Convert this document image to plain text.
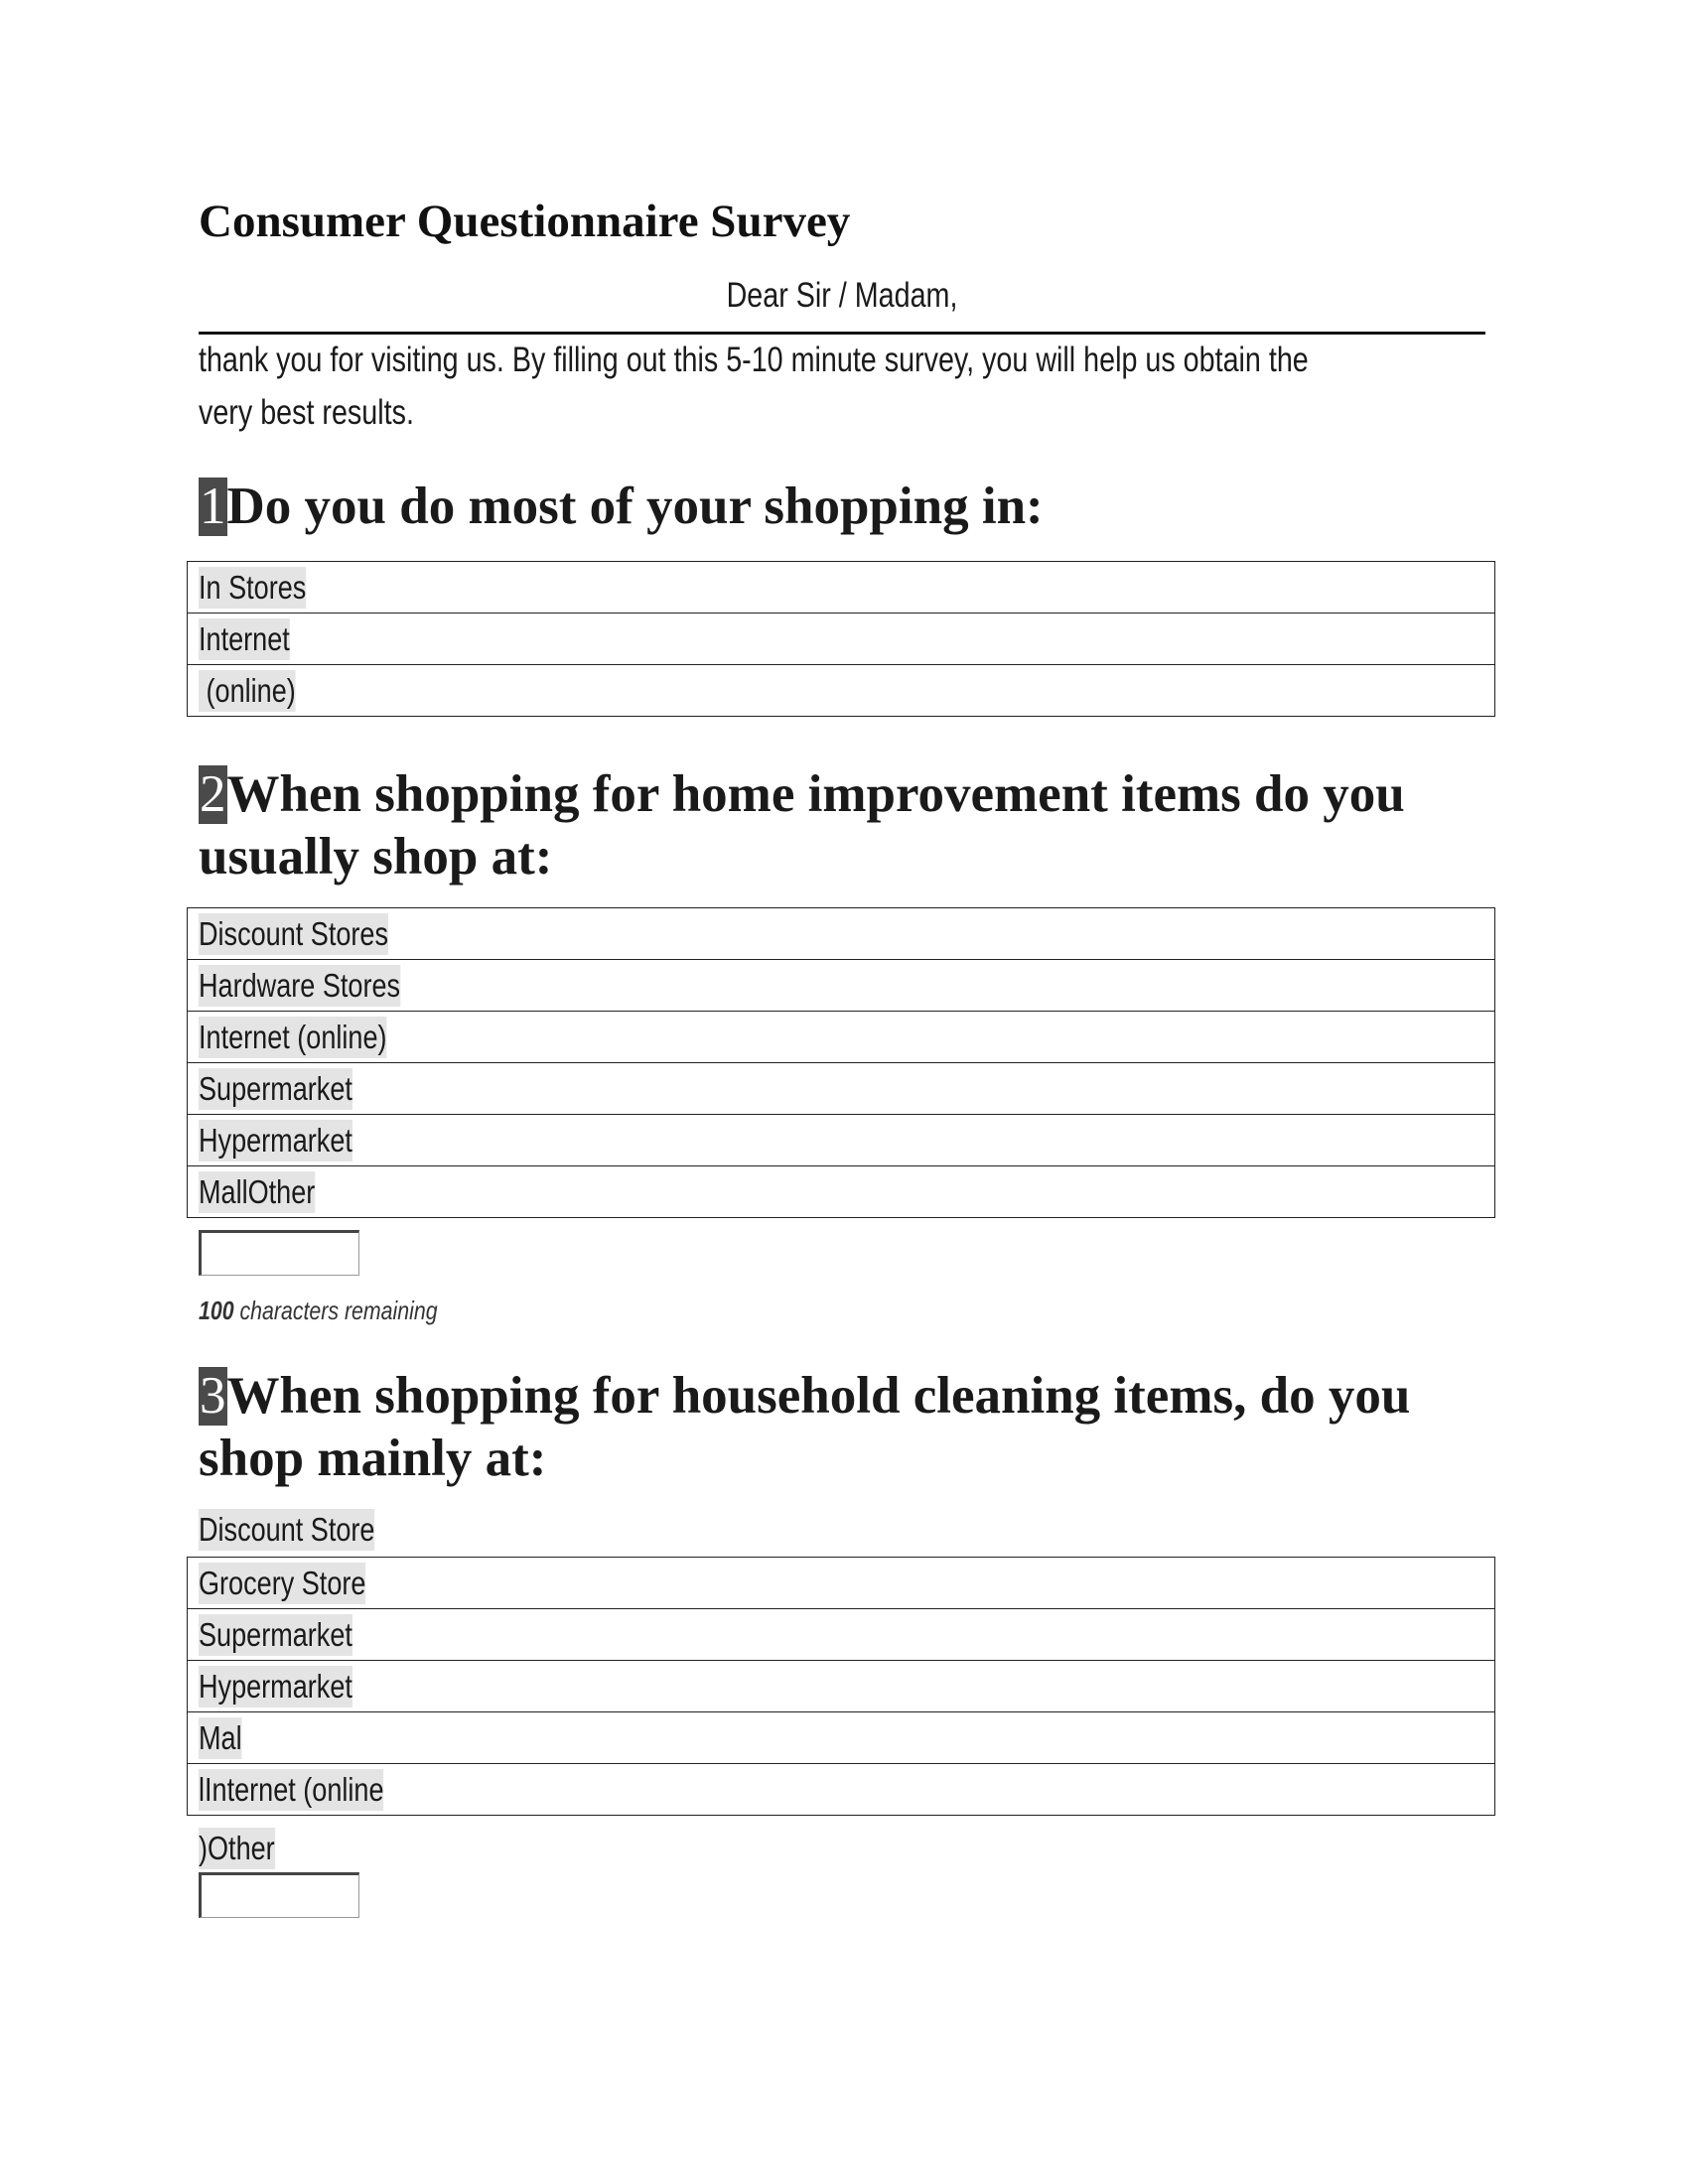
Consumer Questionnaire Survey
Dear Sir / Madam,
thank you for visiting us. By filling out this 5-10 minute survey, you will help us obtain the
very best results.
1Do you do most of your shopping in:
In Stores
Internet
(online)
2When shopping for home improvement items do you usually shop at:
Discount Stores
Hardware Stores
Internet (online)
Supermarket
Hypermarket
MallOther
100 characters remaining
3When shopping for household cleaning items, do you shop mainly at:
Discount Store
Grocery Store
Supermarket
Hypermarket
Mal
lInternet (online
)Other
